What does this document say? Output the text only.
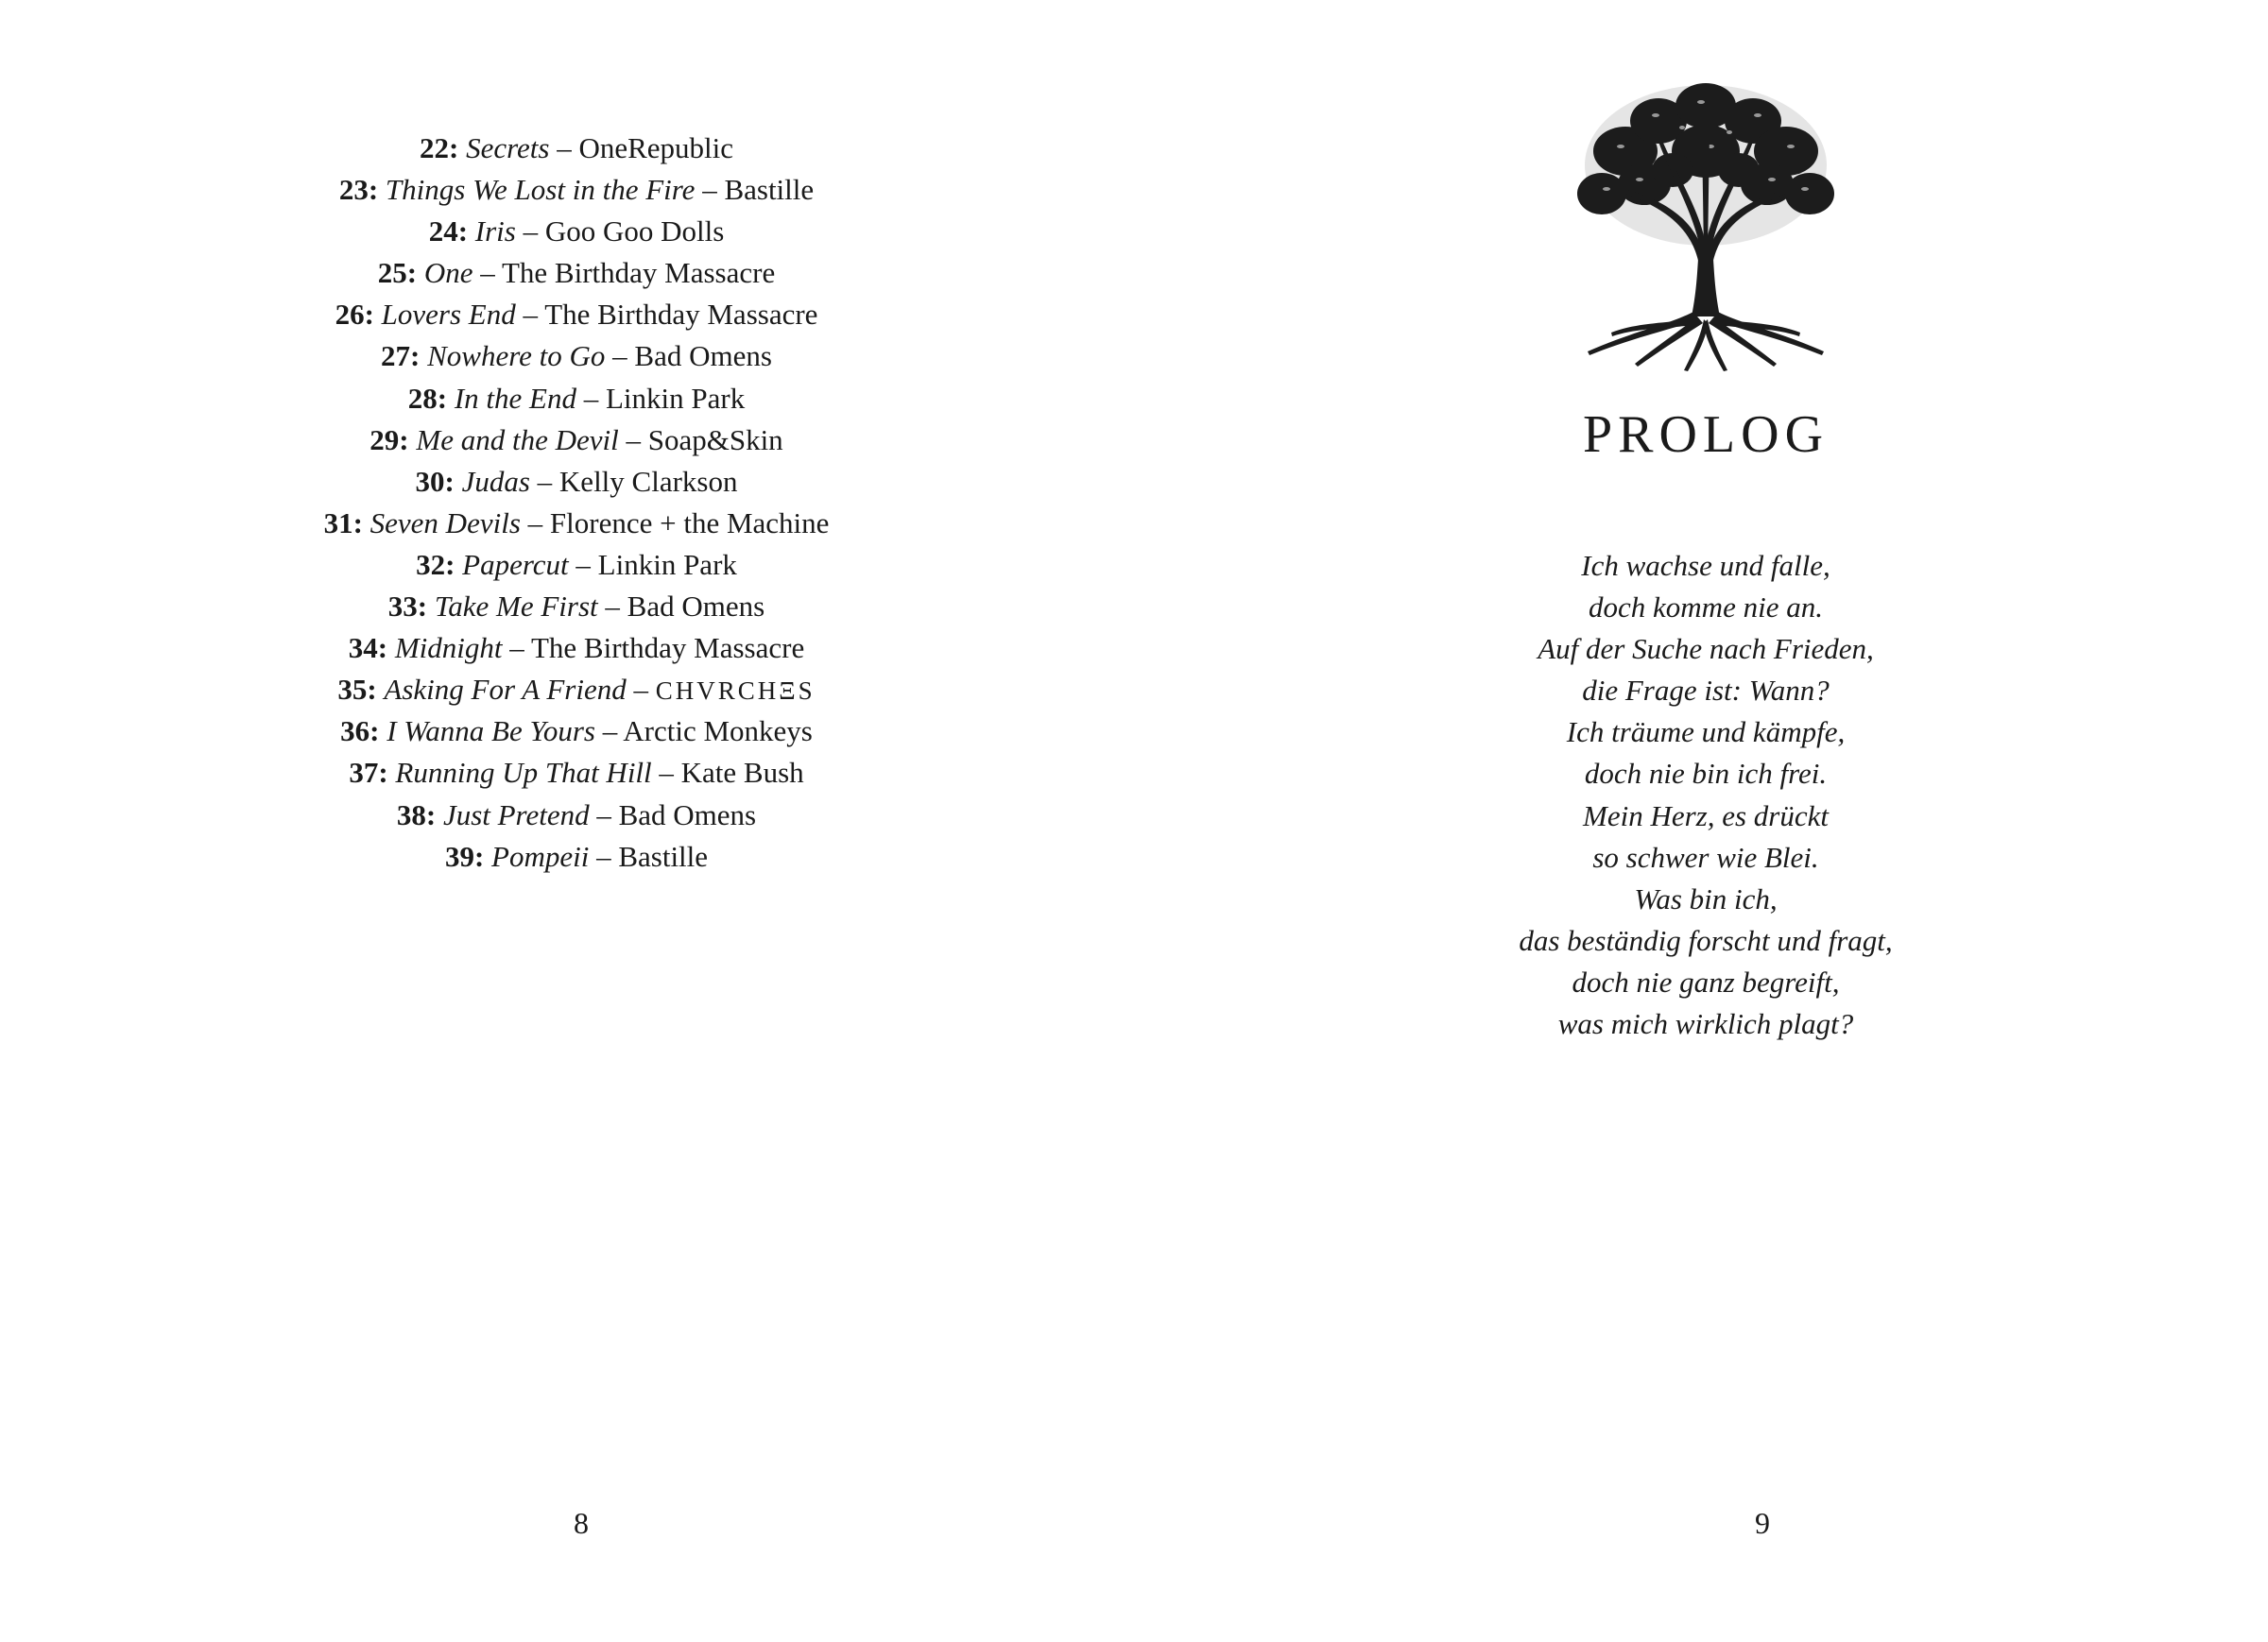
22: Secrets – OneRepublic
23: Things We Lost in the Fire – Bastille
24: Iris – Goo Goo Dolls
25: One – The Birthday Massacre
26: Lovers End – The Birthday Massacre
27: Nowhere to Go – Bad Omens
28: In the End – Linkin Park
29: Me and the Devil – Soap&Skin
30: Judas – Kelly Clarkson
31: Seven Devils – Florence + the Machine
32: Papercut – Linkin Park
33: Take Me First – Bad Omens
34: Midnight – The Birthday Massacre
35: Asking For A Friend – CHVRCHΞS
36: I Wanna Be Yours – Arctic Monkeys
37: Running Up That Hill – Kate Bush
38: Just Pretend – Bad Omens
39: Pompeii – Bastille
8
PROLOG
Ich wachse und falle,
doch komme nie an.
Auf der Suche nach Frieden,
die Frage ist: Wann?
Ich träume und kämpfe,
doch nie bin ich frei.
Mein Herz, es drückt
so schwer wie Blei.
Was bin ich,
das beständig forscht und fragt,
doch nie ganz begreift,
was mich wirklich plagt?
9
